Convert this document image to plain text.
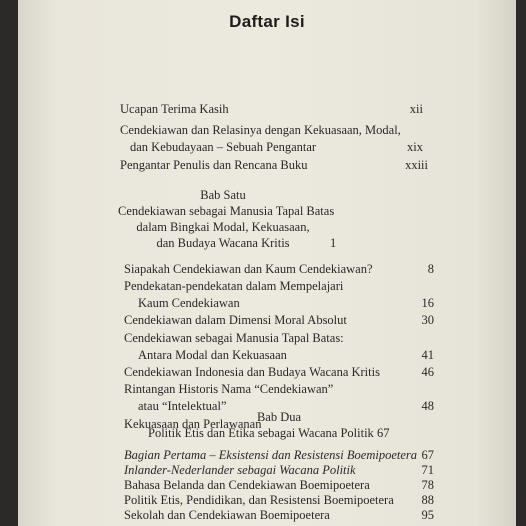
Daftar Isi
Ucapan Terima Kasih	xii
Cendekiawan dan Relasinya dengan Kekuasaan, Modal,
dan Kebudayaan – Sebuah Pengantar	xix
Pengantar Penulis dan Rencana Buku	xxiii
Bab Satu
Cendekiawan sebagai Manusia Tapal Batas
dalam Bingkai Modal, Kekuasaan,
dan Budaya Wacana Kritis	1
Siapakah Cendekiawan dan Kaum Cendekiawan?	8
Pendekatan-pendekatan dalam Mempelajari
Kaum Cendekiawan	16
Cendekiawan dalam Dimensi Moral Absolut	30
Cendekiawan sebagai Manusia Tapal Batas:
Antara Modal dan Kekuasaan	41
Cendekiawan Indonesia dan Budaya Wacana Kritis	46
Rintangan Historis Nama “Cendekiawan”
atau “Intelektual”	48
Kekuasaan dan Perlawanan
Bab Dua
Politik Etis dan Etika sebagai Wacana Politik 67
Bagian Pertama – Eksistensi dan Resistensi Boemipoetera 67
Inlander-Nederlander sebagai Wacana Politik	71
Bahasa Belanda dan Cendekiawan Boemipoetera	78
Politik Etis, Pendidikan, dan Resistensi Boemipoetera	88
Sekolah dan Cendekiawan Boemipoetera	95
